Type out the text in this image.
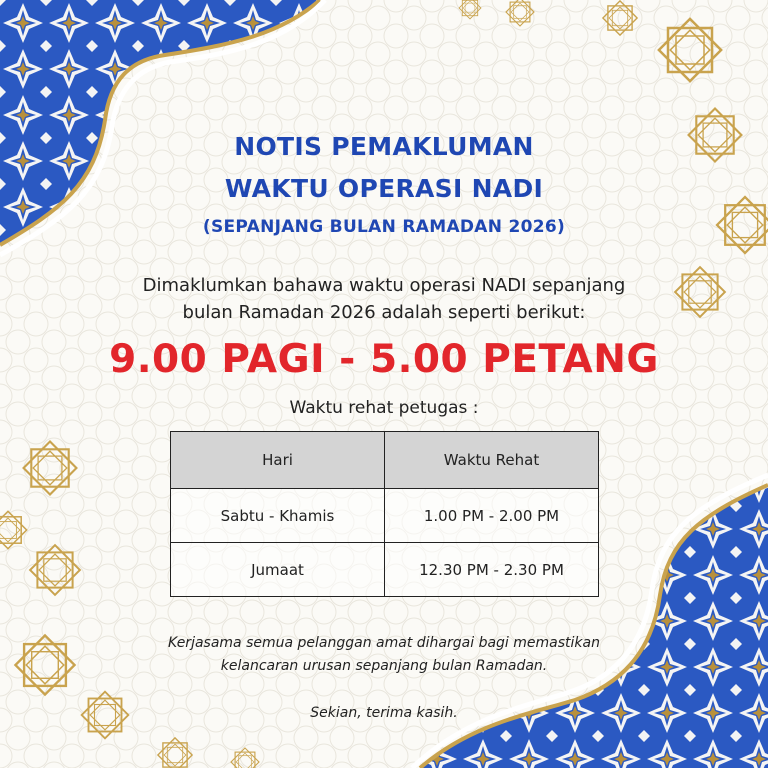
NOTIS PEMAKLUMAN
WAKTU OPERASI NADI
(SEPANJANG BULAN RAMADAN 2026)
Dimaklumkan bahawa waktu operasi NADI sepanjang
bulan Ramadan 2026 adalah seperti berikut:
9.00 PAGI - 5.00 PETANG
Waktu rehat petugas :
Hari	Waktu Rehat
Sabtu - Khamis	1.00 PM - 2.00 PM
Jumaat	12.30 PM - 2.30 PM
Kerjasama semua pelanggan amat dihargai bagi memastikan
kelancaran urusan sepanjang bulan Ramadan.
Sekian, terima kasih.
